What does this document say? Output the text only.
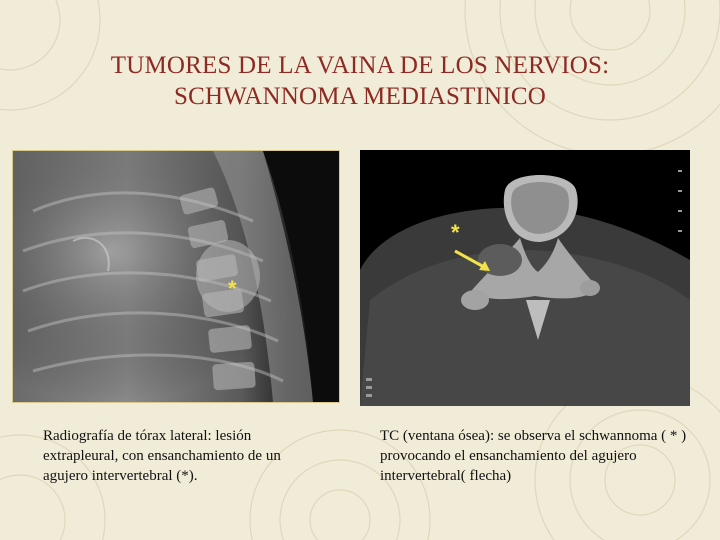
TUMORES DE LA VAINA DE LOS NERVIOS:
SCHWANNOMA MEDIASTINICO
*
*

Radiografía de tórax lateral: lesión extrapleural, con ensanchamiento de un agujero intervertebral (*).

TC (ventana ósea): se observa el schwannoma ( * ) provocando el ensanchamiento del agujero intervertebral( flecha)
